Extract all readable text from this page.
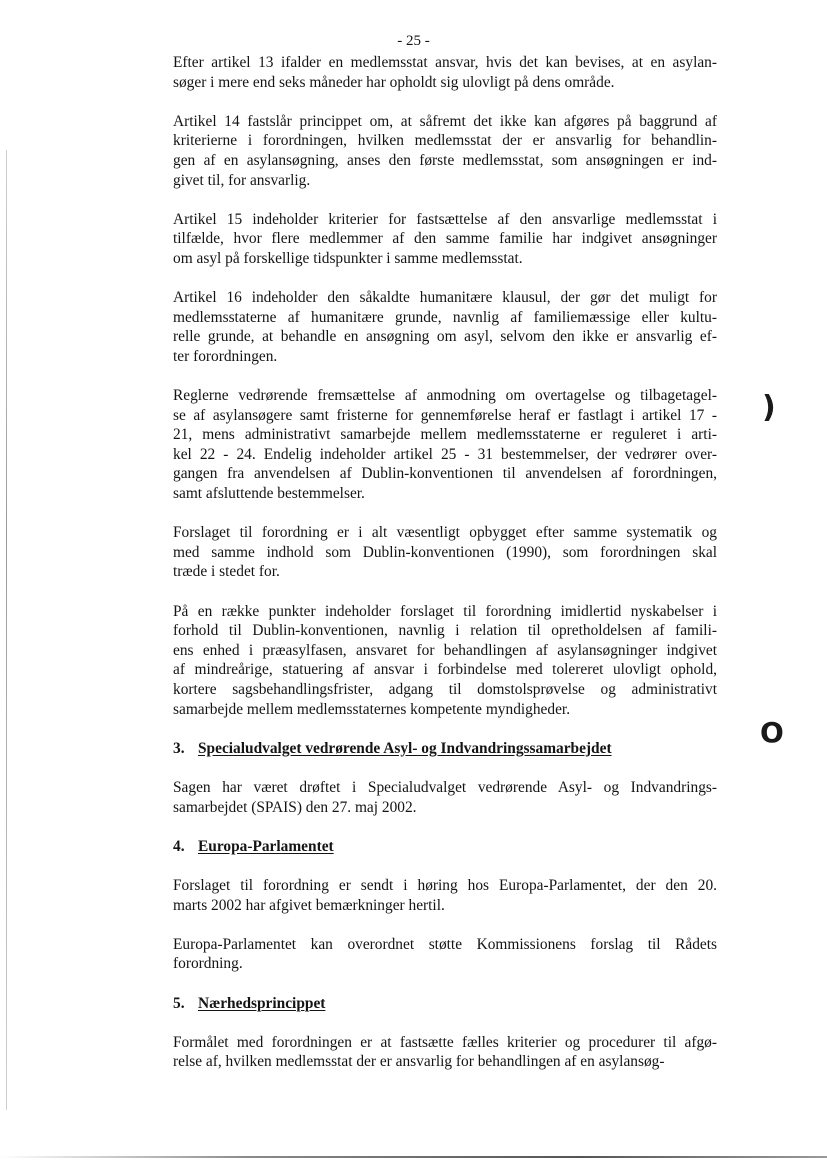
- 25 -
Efter artikel 13 ifalder en medlemsstat ansvar, hvis det kan bevises, at en asylan-
søger i mere end seks måneder har opholdt sig ulovligt på dens område.
Artikel 14 fastslår princippet om, at såfremt det ikke kan afgøres på baggrund af
kriterierne i forordningen, hvilken medlemsstat der er ansvarlig for behandlin-
gen af en asylansøgning, anses den første medlemsstat, som ansøgningen er ind-
givet til, for ansvarlig.
Artikel 15 indeholder kriterier for fastsættelse af den ansvarlige medlemsstat i
tilfælde, hvor flere medlemmer af den samme familie har indgivet ansøgninger
om asyl på forskellige tidspunkter i samme medlemsstat.
Artikel 16 indeholder den såkaldte humanitære klausul, der gør det muligt for
medlemsstaterne af humanitære grunde, navnlig af familiemæssige eller kultu-
relle grunde, at behandle en ansøgning om asyl, selvom den ikke er ansvarlig ef-
ter forordningen.
Reglerne vedrørende fremsættelse af anmodning om overtagelse og tilbagetagel-
se af asylansøgere samt fristerne for gennemførelse heraf er fastlagt i artikel 17 -
21, mens administrativt samarbejde mellem medlemsstaterne er reguleret i arti-
kel 22 - 24. Endelig indeholder artikel 25 - 31 bestemmelser, der vedrører over-
gangen fra anvendelsen af Dublin-konventionen til anvendelsen af forordningen,
samt afsluttende bestemmelser.
Forslaget til forordning er i alt væsentligt opbygget efter samme systematik og
med samme indhold som Dublin-konventionen (1990), som forordningen skal
træde i stedet for.
På en række punkter indeholder forslaget til forordning imidlertid nyskabelser i
forhold til Dublin-konventionen, navnlig i relation til opretholdelsen af famili-
ens enhed i præasylfasen, ansvaret for behandlingen af asylansøgninger indgivet
af mindreårige, statuering af ansvar i forbindelse med tolereret ulovligt ophold,
kortere sagsbehandlingsfrister, adgang til domstolsprøvelse og administrativt
samarbejde mellem medlemsstaternes kompetente myndigheder.
3. Specialudvalget vedrørende Asyl- og Indvandringssamarbejdet
Sagen har været drøftet i Specialudvalget vedrørende Asyl- og Indvandrings-
samarbejdet (SPAIS) den 27. maj 2002.
4. Europa-Parlamentet
Forslaget til forordning er sendt i høring hos Europa-Parlamentet, der den 20.
marts 2002 har afgivet bemærkninger hertil.
Europa-Parlamentet kan overordnet støtte Kommissionens forslag til Rådets
forordning.
5. Nærhedsprincippet
Formålet med forordningen er at fastsætte fælles kriterier og procedurer til afgø-
relse af, hvilken medlemsstat der er ansvarlig for behandlingen af en asylansøg-
)
O
